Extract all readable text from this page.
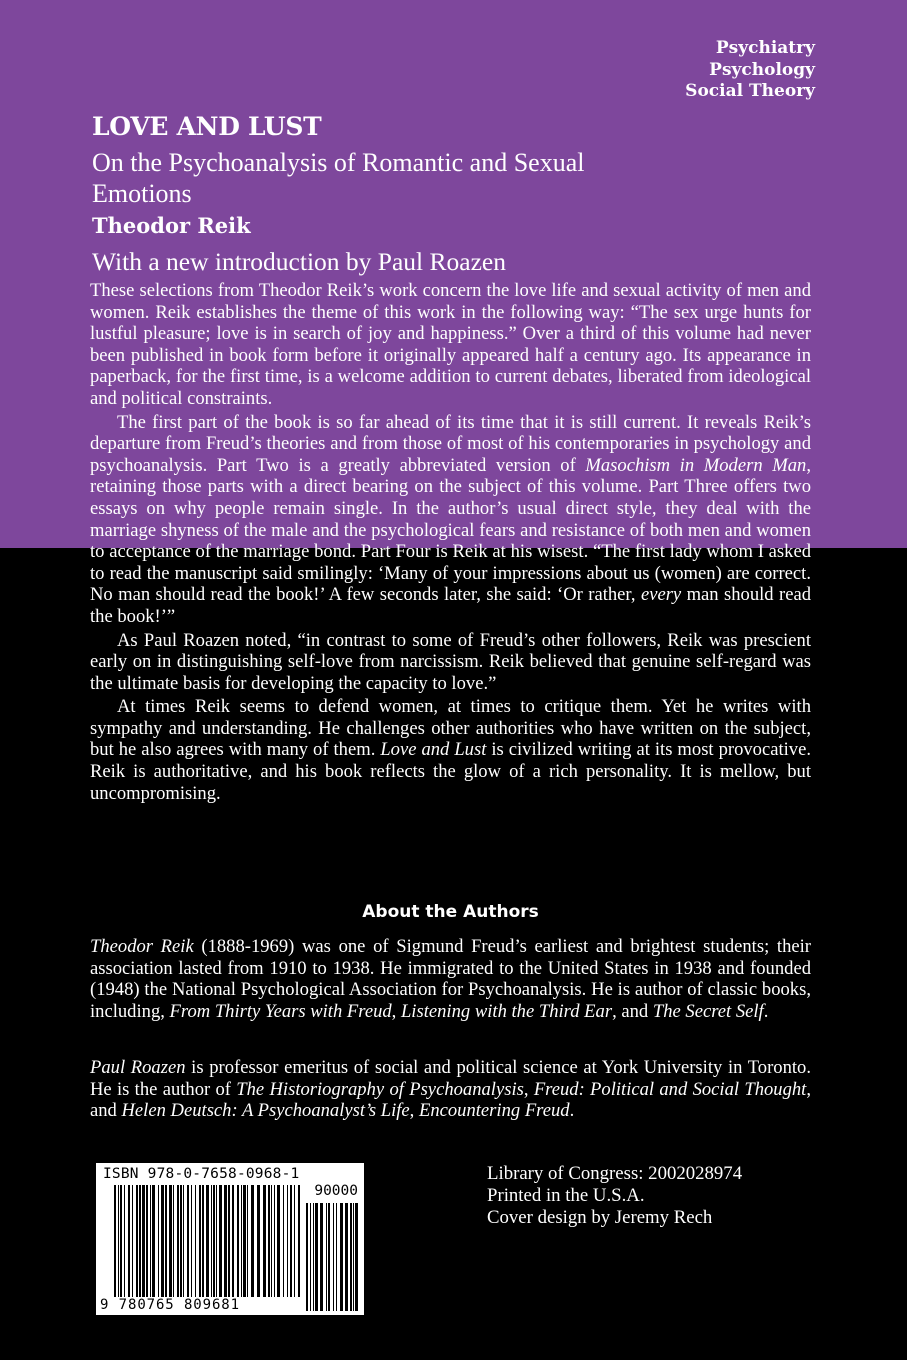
Psychiatry
Psychology
Social Theory
LOVE AND LUST
On the Psychoanalysis of Romantic and Sexual Emotions
Theodor Reik
With a new introduction by Paul Roazen

These selections from Theodor Reik’s work concern the love life and sexual activity of men and women. Reik establishes the theme of this work in the following way: “The sex urge hunts for lustful pleasure; love is in search of joy and happiness.” Over a third of this volume had never been published in book form before it originally appeared half a century ago. Its appearance in paperback, for the first time, is a welcome addition to current debates, liberated from ideological and political constraints.

The first part of the book is so far ahead of its time that it is still current. It reveals Reik’s departure from Freud’s theories and from those of most of his contemporaries in psychology and psychoanalysis. Part Two is a greatly abbreviated version of Masochism in Modern Man, retaining those parts with a direct bearing on the subject of this volume. Part Three offers two essays on why people remain single. In the author’s usual direct style, they deal with the marriage shyness of the male and the psychological fears and resistance of both men and women to acceptance of the marriage bond. Part Four is Reik at his wisest. “The first lady whom I asked to read the manuscript said smilingly: ‘Many of your impressions about us (women) are correct. No man should read the book!’ A few seconds later, she said: ‘Or rather, every man should read the book!’”

As Paul Roazen noted, “in contrast to some of Freud’s other followers, Reik was prescient early on in distinguishing self-love from narcissism. Reik believed that genuine self-regard was the ultimate basis for developing the capacity to love.”

At times Reik seems to defend women, at times to critique them. Yet he writes with sympathy and understanding. He challenges other authorities who have written on the subject, but he also agrees with many of them. Love and Lust is civilized writing at its most provocative. Reik is authoritative, and his book reflects the glow of a rich personality. It is mellow, but uncompromising.

About the Authors

Theodor Reik (1888-1969) was one of Sigmund Freud’s earliest and brightest students; their association lasted from 1910 to 1938. He immigrated to the United States in 1938 and founded (1948) the National Psychological Association for Psychoanalysis. He is author of classic books, including, From Thirty Years with Freud, Listening with the Third Ear, and The Secret Self.

Paul Roazen is professor emeritus of social and political science at York University in Toronto. He is the author of The Historiography of Psychoanalysis, Freud: Political and Social Thought, and Helen Deutsch: A Psychoanalyst’s Life, Encountering Freud.

ISBN 978-0-7658-0968-1
90000
9 780765 809681
Library of Congress: 2002028974
Printed in the U.S.A.
Cover design by Jeremy Rech
